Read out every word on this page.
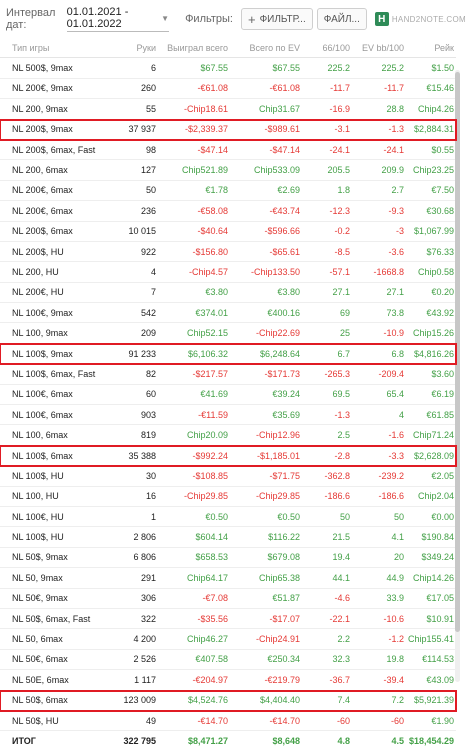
Интервал дат:
01.01.2021 - 01.01.2022	▼ Фильтры: + ФИЛЬТР... ФАЙЛ...	H HAND2NOTE.COM
Тип игры	Руки	Выиграл всего	Всего по EV	66/100	EV bb/100	Рейк
NL 500$, 9max	6	$67.55	$67.55	225.2	225.2	$1.50
NL 200€, 9max	260	-€61.08	-€61.08	-11.7	-11.7	€15.46
NL 200, 9max	55	-Chip18.61	Chip31.67	-16.9	28.8	Chip4.26
NL 200$, 9max	37 937	-$2,339.37	-$989.61	-3.1	-1.3	$2,884.31
NL 200$, 6max, Fast	98	-$47.14	-$47.14	-24.1	-24.1	$0.55
NL 200, 6max	127	Chip521.89	Chip533.09	205.5	209.9 Chip23.25
NL 200€, 6max	50	€1.78	€2.69	1.8	2.7	€7.50
NL 200€, 6max	236	-€58.08	-€43.74	-12.3	-9.3	€30.68
NL 200$, 6max	10 015	-$40.64	-$596.66	-0.2	-3	$1,067.99
NL 200$, HU	922	-$156.80	-$65.61	-8.5	-3.6	$76.33
NL 200, HU	4	-Chip4.57	-Chip133.50	-57.1	-1668.8	Chip0.58
NL 200€, HU	7	€3.80	€3.80	27.1	27.1	€0.20
NL 100€, 9max	542	€374.01	€400.16	69	73.8	€43.92
NL 100, 9max	209	Chip52.15	-Chip22.69	25	-10.9 Chip15.26
NL 100$, 9max	91 233	$6,106.32	$6,248.64	6.7	6.8	$4,816.26
NL 100$, 6max, Fast	82	-$217.57	-$171.73	-265.3	-209.4	$3.60
NL 100€, 6max	60	€41.69	€39.24	69.5	65.4	€6.19
NL 100€, 6max	903	-€11.59	€35.69	-1.3	4	€61.85
NL 100, 6max	819	Chip20.09	-Chip12.96	2.5	-1.6 Chip71.24
NL 100$, 6max	35 388	-$992.24	-$1,185.01	-2.8	-3.3	$2,628.09
NL 100$, HU	30	-$108.85	-$71.75	-362.8	-239.2	€2.05
NL 100, HU	16	-Chip29.85	-Chip29.85	-186.6	-186.6	Chip2.04
NL 100€, HU	1	€0.50	€0.50	50	50	€0.00
NL 100$, HU	2 806	$604.14	$116.22	21.5	4.1	$190.84
NL 50$, 9max	6 806	$658.53	$679.08	19.4	20	$349.24
NL 50, 9max	291	Chip64.17	Chip65.38	44.1	44.9 Chip14.26
NL 50€, 9max	306	-€7.08	€51.87	-4.6	33.9	€17.05
NL 50$, 6max, Fast	322	-$35.56	-$17.07	-22.1	-10.6	$10.91
NL 50, 6max	4 200	Chip46.27	-Chip24.91	2.2	-1.2 Chip155.41
NL 50€, 6max	2 526	€407.58	€250.34	32.3	19.8	€114.53
NL 50E, 6max	1 117	-€204.97	-€219.79	-36.7	-39.4	€43.09
NL 50$, 6max	123 009	$4,524.76	$4,404.40	7.4	7.2	$5,921.39
NL 50$, HU	49	-€14.70	-€14.70	-60	-60	€1.90
ИТОГ	322 795	$8,471.27	$8,648	4.8	4.5 $18,454.29
